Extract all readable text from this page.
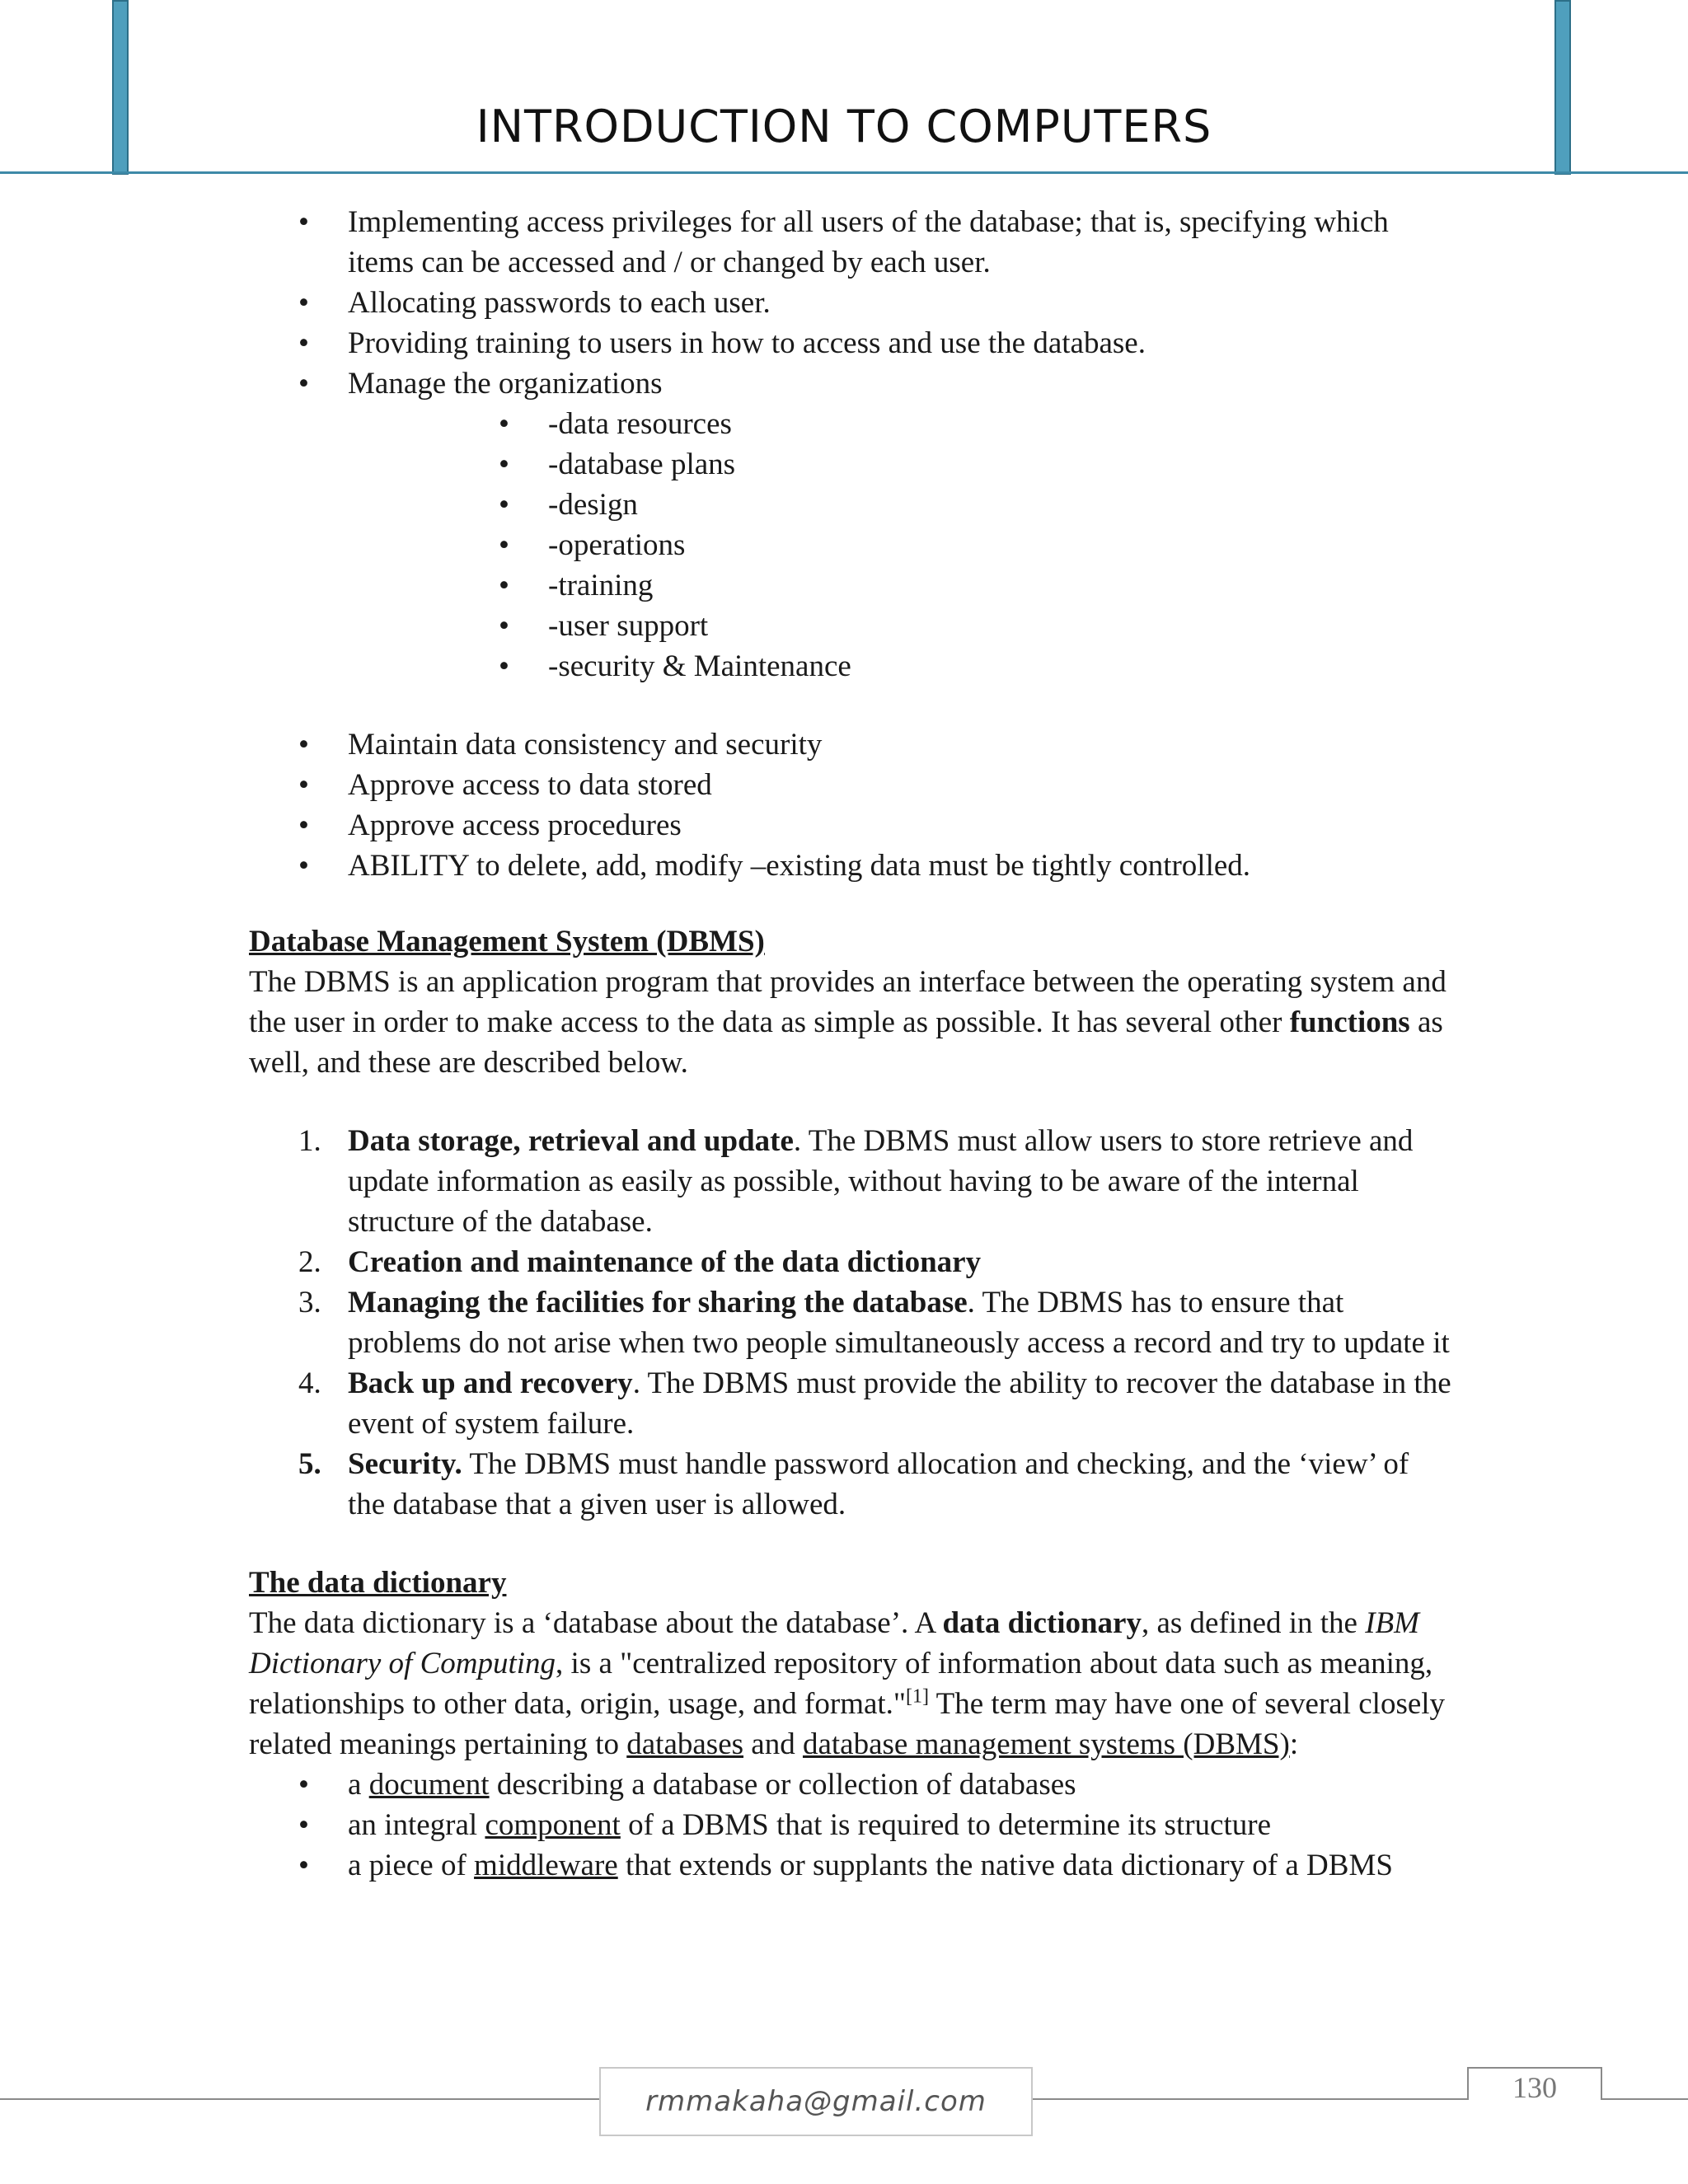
INTRODUCTION TO COMPUTERS
• Implementing access privileges for all users of the database; that is, specifying which items can be accessed and / or changed by each user.
• Allocating passwords to each user.
• Providing training to users in how to access and use the database.
• Manage the organizations
• -data resources
• -database plans
• -design
• -operations
• -training
• -user support
• -security & Maintenance
• Maintain data consistency and security
• Approve access to data stored
• Approve access procedures
• ABILITY to delete, add, modify –existing data must be tightly controlled.
Database Management System (DBMS)

The DBMS is an application program that provides an interface between the operating system and the user in order to make access to the data as simple as possible. It has several other functions as well, and these are described below.

1. Data storage, retrieval and update. The DBMS must allow users to store retrieve and update information as easily as possible, without having to be aware of the internal structure of the database.
2. Creation and maintenance of the data dictionary
3. Managing the facilities for sharing the database. The DBMS has to ensure that problems do not arise when two people simultaneously access a record and try to update it
4. Back up and recovery. The DBMS must provide the ability to recover the database in the event of system failure.
5. Security. The DBMS must handle password allocation and checking, and the ‘view’ of the database that a given user is allowed.
The data dictionary

The data dictionary is a ‘database about the database’. A data dictionary, as defined in the IBM Dictionary of Computing, is a "centralized repository of information about data such as meaning, relationships to other data, origin, usage, and format."[1] The term may have one of several closely related meanings pertaining to databases and database management systems (DBMS):

• a document describing a database or collection of databases
• an integral component of a DBMS that is required to determine its structure
• a piece of middleware that extends or supplants the native data dictionary of a DBMS
rmmakaha@gmail.com	130
